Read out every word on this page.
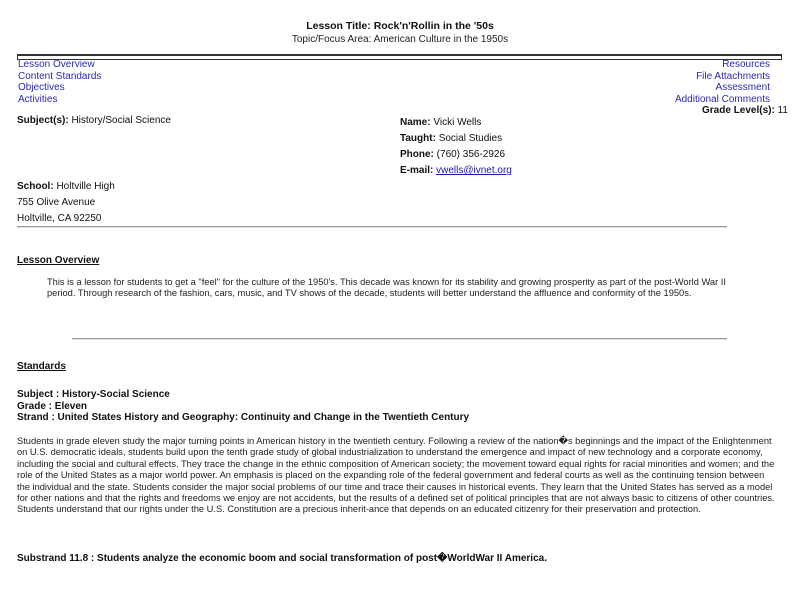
Lesson Title: Rock'n'Rollin in the '50s
Topic/Focus Area: American Culture in the 1950s
Lesson Overview
Content Standards
Objectives
Activities
Resources
File Attachments
Assessment
Additional Comments
Grade Level(s): 11
Subject(s): History/Social Science	Name: Vicki Wells
Taught: Social Studies
Phone: (760) 356-2926
E-mail: vwells@ivnet.org
School: Holtville High
755 Olive Avenue
Holtville, CA 92250
Lesson Overview
This is a lesson for students to get a "feel" for the culture of the 1950's. This decade was known for its stability and growing prosperity as part of the post-World War II period. Through research of the fashion, cars, music, and TV shows of the decade, students will better understand the affluence and conformity of the 1950s.
Standards
Subject : History-Social Science
Grade : Eleven
Strand : United States History and Geography: Continuity and Change in the Twentieth Century
Students in grade eleven study the major turning points in American history in the twentieth century. Following a review of the nation�s beginnings and the impact of the Enlightenment on U.S. democratic ideals, students build upon the tenth grade study of global industrialization to understand the emergence and impact of new technology and a corporate economy, including the social and cultural effects. They trace the change in the ethnic composition of American society; the movement toward equal rights for racial minorities and women; and the role of the United States as a major world power. An emphasis is placed on the expanding role of the federal government and federal courts as well as the continuing tension between the individual and the state. Students consider the major social problems of our time and trace their causes in historical events. They learn that the United States has served as a model for other nations and that the rights and freedoms we enjoy are not accidents, but the results of a defined set of political principles that are not always basic to citizens of other countries. Students understand that our rights under the U.S. Constitution are a precious inherit-ance that depends on an educated citizenry for their preservation and protection.
Substrand 11.8 : Students analyze the economic boom and social transformation of post�WorldWar II America.
